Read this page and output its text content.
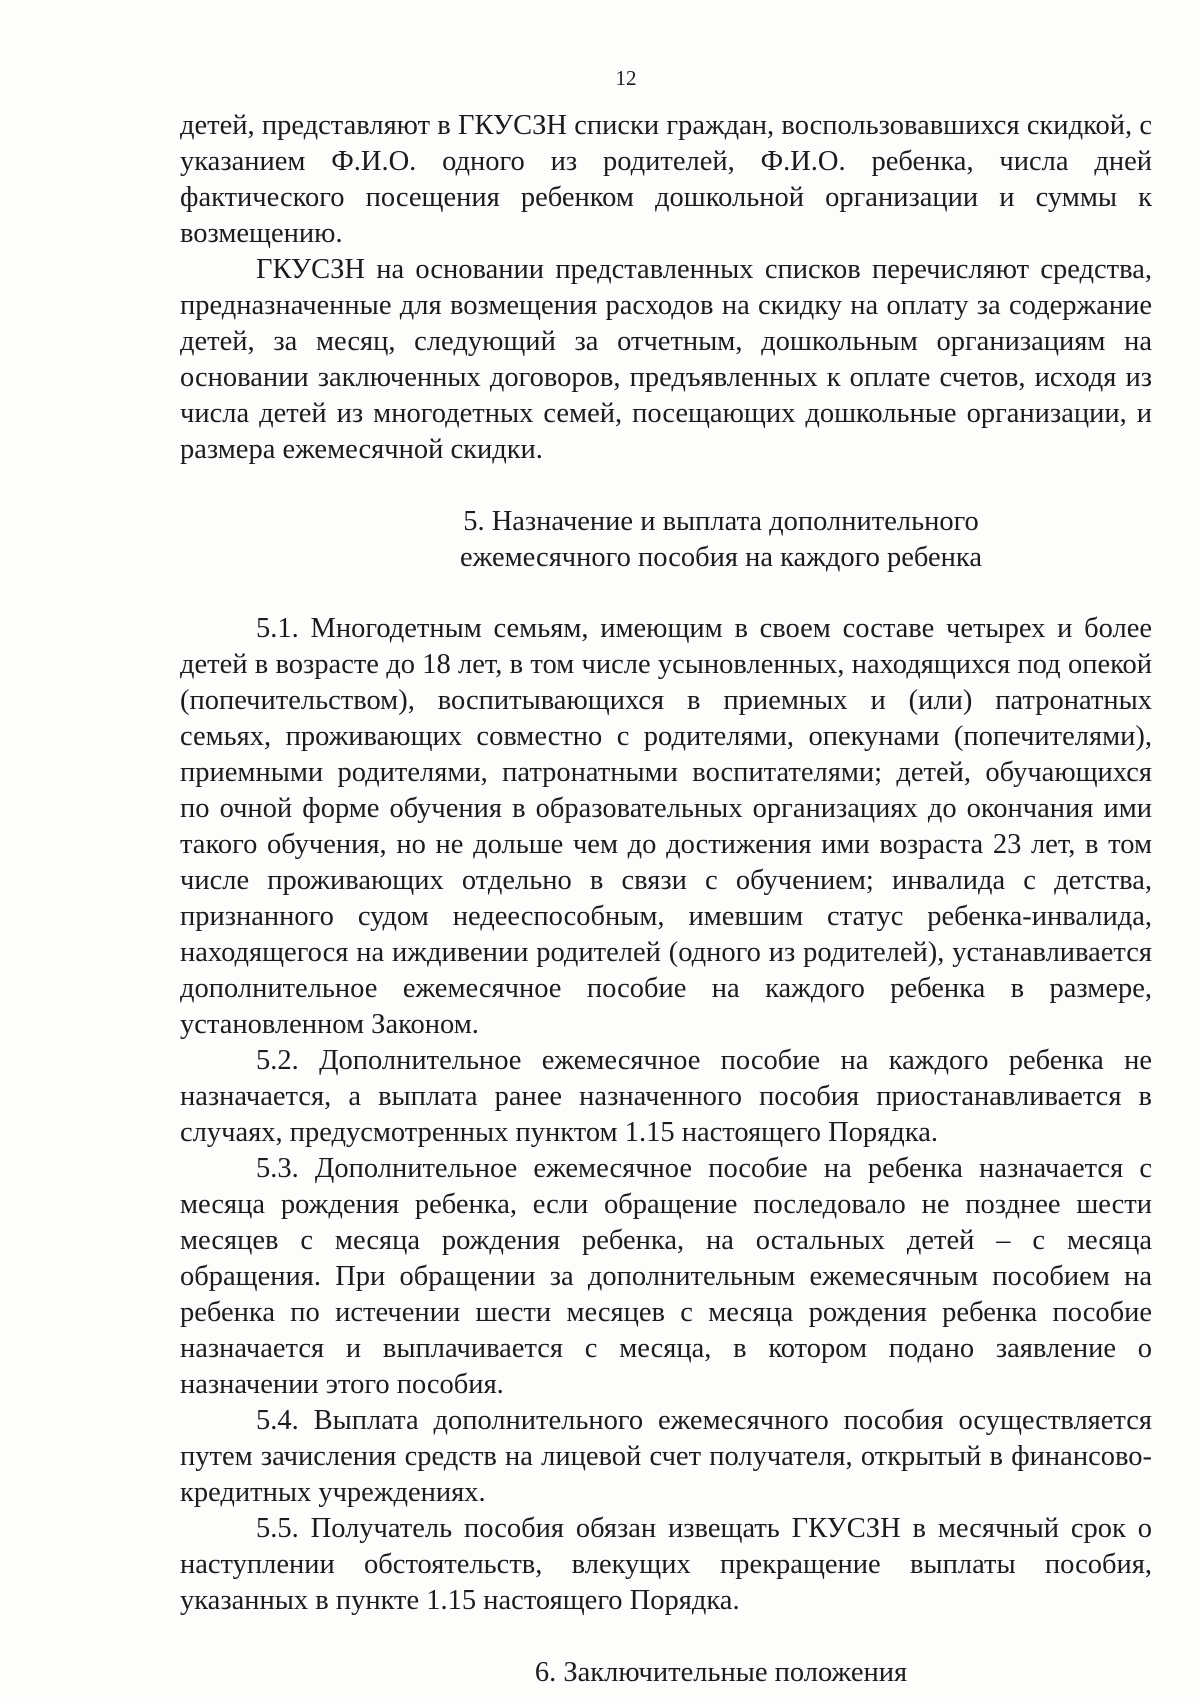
12

детей, представляют в ГКУСЗН списки граждан, воспользовавшихся скидкой, с указанием Ф.И.О. одного из родителей, Ф.И.О. ребенка, числа дней фактического посещения ребенком дошкольной организации и суммы к возмещению.

ГКУСЗН на основании представленных списков перечисляют средства, предназначенные для возмещения расходов на скидку на оплату за содержание детей, за месяц, следующий за отчетным, дошкольным организациям на основании заключенных договоров, предъявленных к оплате счетов, исходя из числа детей из многодетных семей, посещающих дошкольные организации, и размера ежемесячной скидки.

5. Назначение и выплата дополнительного
ежемесячного пособия на каждого ребенка

5.1. Многодетным семьям, имеющим в своем составе четырех и более детей в возрасте до 18 лет, в том числе усыновленных, находящихся под опекой (попечительством), воспитывающихся в приемных и (или) патронатных семьях, проживающих совместно с родителями, опекунами (попечителями), приемными родителями, патронатными воспитателями; детей, обучающихся по очной форме обучения в образовательных организациях до окончания ими такого обучения, но не дольше чем до достижения ими возраста 23 лет, в том числе проживающих отдельно в связи с обучением; инвалида с детства, признанного судом недееспособным, имевшим статус ребенка-инвалида, находящегося на иждивении родителей (одного из родителей), устанавливается дополнительное ежемесячное пособие на каждого ребенка в размере, установленном Законом.

5.2. Дополнительное ежемесячное пособие на каждого ребенка не назначается, а выплата ранее назначенного пособия приостанавливается в случаях, предусмотренных пунктом 1.15 настоящего Порядка.

5.3. Дополнительное ежемесячное пособие на ребенка назначается с месяца рождения ребенка, если обращение последовало не позднее шести месяцев с месяца рождения ребенка, на остальных детей – с месяца обращения. При обращении за дополнительным ежемесячным пособием на ребенка по истечении шести месяцев с месяца рождения ребенка пособие назначается и выплачивается с месяца, в котором подано заявление о назначении этого пособия.

5.4. Выплата дополнительного ежемесячного пособия осуществляется путем зачисления средств на лицевой счет получателя, открытый в финансово-кредитных учреждениях.

5.5. Получатель пособия обязан извещать ГКУСЗН в месячный срок о наступлении обстоятельств, влекущих прекращение выплаты пособия, указанных в пункте 1.15 настоящего Порядка.

6. Заключительные положения
